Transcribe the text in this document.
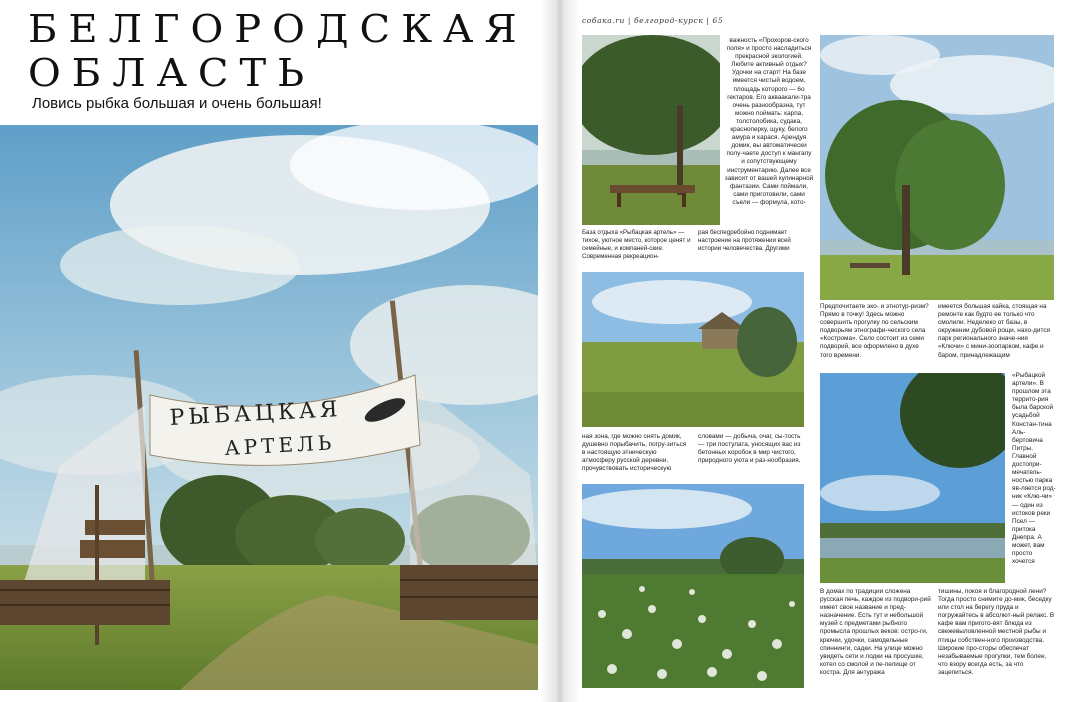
БЕЛГОРОДСКАЯ ОБЛАСТЬ
Ловись рыбка большая и очень большая!
РЫБАЦКАЯ
АРТЕЛЬ
собака.ru | белгород-курск | 65
важность «Прохоров-ского поля» и просто насладиться прекрасной экологией. Любите активный отдых? Удочки на старт! На базе имеется чистый водоем, площадь которого — 6о гектаров. Его акваакали-тра очень разнообразна, тут можно поймать: карпа, толстолобика, судака, красноперку, щуку, белого амура и карася. Арендуя домик, вы автоматически полу-чаете доступ к мангалу и сопутствующему инструментарию. Далее все зависит от вашей кулинарной фантазии. Сами поймали, сами приготовили, сами съели — формула, кото-
База отдыха «Рыбацкая артель» — тихое, уютное место, которое ценят и семейные, и компаней-ские. Современная рекреацион-
рая беспеgребойно поднимает настроение на протяжении всей истории человечества. Другими
ная зона, где можно снять домик, душевно порыбачить, погру-зиться в настоящую этническую атмосферу русской деревни, прочувствовать историческую
словами — добыча, очаг, сы-тость — три постулата, уносящих вас из бетонных коробок в мир чистого, природного уюта и раз-нообразия.
Предпочитаете эко- и этнотур-ризм? Прямо в точку! Здесь можно совершить прогулку по сельским подворьям этнографи-ческого села «Кострома». Село состоит из семи подворий, все оформлено в духе того времени.
имеется большая кайка, стоящая на ремонте как будто ее только что смолили. Неделеко от базы, в окружении дубовой рощи, нахо-дится парк регионального значе-ния «Ключи» с мини-зоопарком, кафе и баром, принадлежащим
«Рыбацкой артели». В прошлом эта террито-рия была барской усадьбой Констан-тина Аль-бертовича Питры. Главной достопри-мечатель-ностью парка яв-ляется род-ник «Клю-чи» — один из истоков реки Псел — притока Днепра. А может, вам просто хочется
В домах по традиции сложена русская печь, каждое из подвори-рий имеет свое название и пред-назначение. Есть тут и небольшой музей с предметами рыбного промысла прошлых веков: остро-ги, крючки, удочки, самодельные спиннинги, садки. На улице можно увидеть сети и лодки на просушке, котел со смолой и пе-пелище от костра. Для антуража
тишины, покоя и благородной лени? Тогда просто снимите до-мик, беседку или стол на берегу пруда и погружайтесь в абсолют-ный релакс. В кафе вам пригото-вят блюда из свежевыловленной местной рыбы и птицы собствен-ного производства. Широкие про-сторы обеспечат незабываемые прогулки, тем более, что взору всегда есть, за что зацепиться.
